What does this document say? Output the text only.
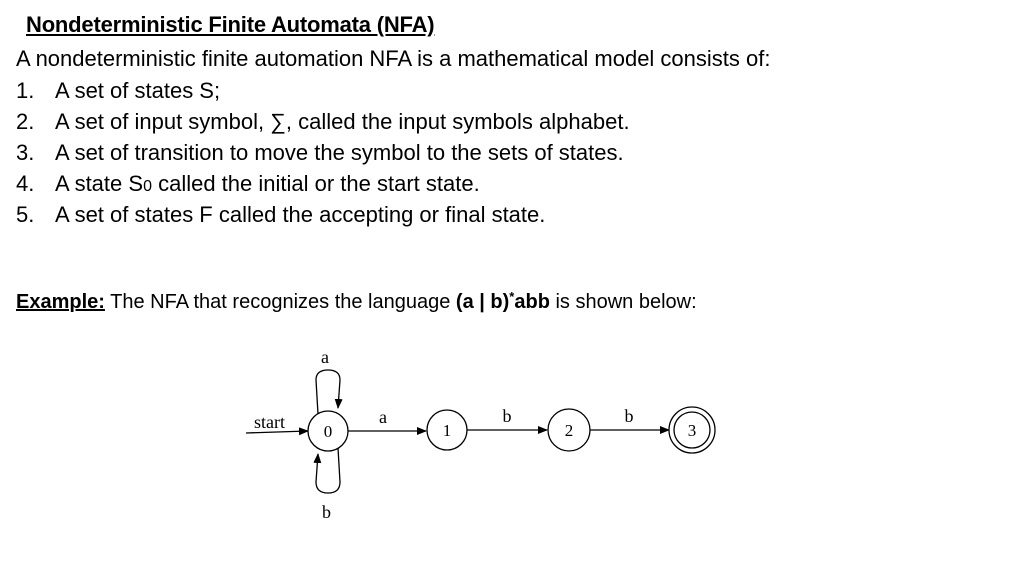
Nondeterministic Finite Automata (NFA)
A nondeterministic finite automation NFA is a mathematical model consists of:
1. A set of states S;
2. A set of input symbol, ∑, called the input symbols alphabet.
3. A set of transition to move the symbol to the sets of states.
4. A state S0 called the initial or the start state.
5. A set of states F called the accepting or final state.
Example: The NFA that recognizes the language (a | b)*abb is shown below:
start
a
b
0
a
1
b
2
b
3
